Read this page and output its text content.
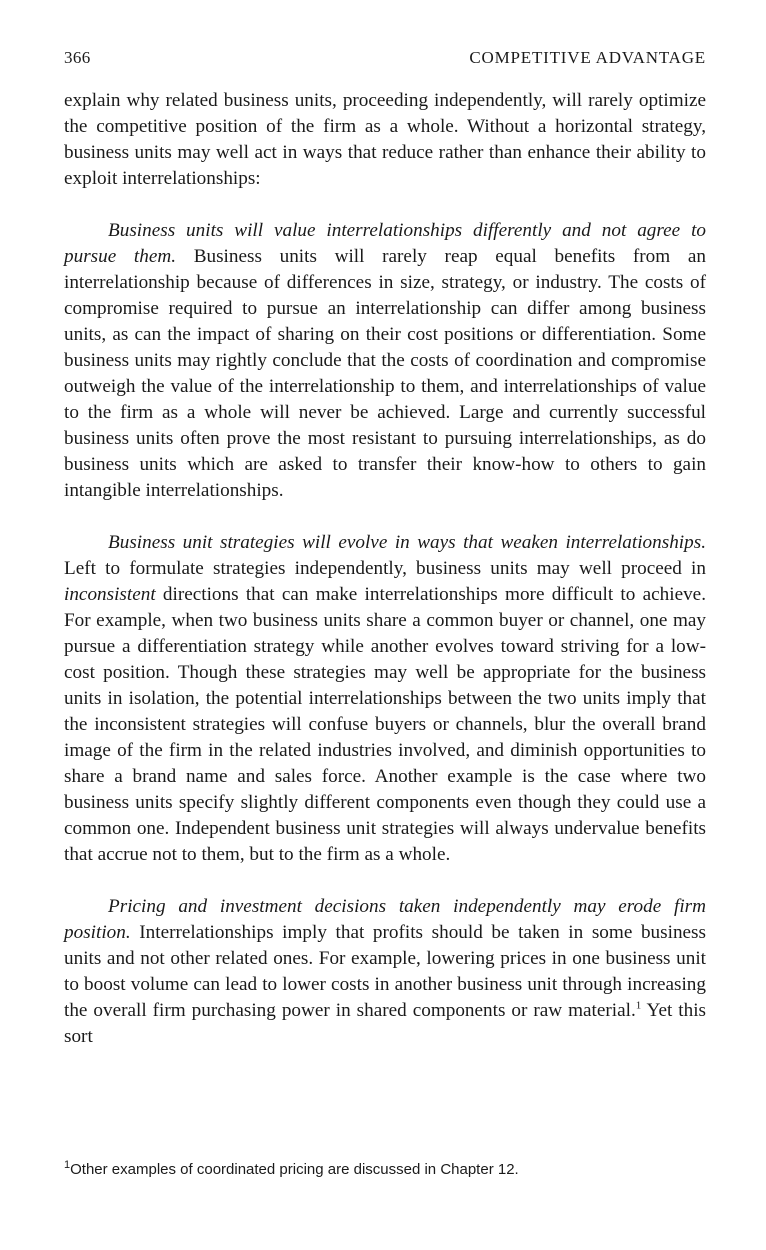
366	COMPETITIVE ADVANTAGE

explain why related business units, proceeding independently, will rarely optimize the competitive position of the firm as a whole. Without a horizontal strategy, business units may well act in ways that reduce rather than enhance their ability to exploit interrelationships:

Business units will value interrelationships differently and not agree to pursue them. Business units will rarely reap equal benefits from an interrelationship because of differences in size, strategy, or industry. The costs of compromise required to pursue an interrelationship can differ among business units, as can the impact of sharing on their cost positions or differentiation. Some business units may rightly conclude that the costs of coordination and compromise outweigh the value of the interrelationship to them, and interrelationships of value to the firm as a whole will never be achieved. Large and currently successful business units often prove the most resistant to pursuing interrelationships, as do business units which are asked to transfer their know-how to others to gain intangible interrelationships.

Business unit strategies will evolve in ways that weaken interrelationships. Left to formulate strategies independently, business units may well proceed in inconsistent directions that can make interrelationships more difficult to achieve. For example, when two business units share a common buyer or channel, one may pursue a differentiation strategy while another evolves toward striving for a low-cost position. Though these strategies may well be appropriate for the business units in isolation, the potential interrelationships between the two units imply that the inconsistent strategies will confuse buyers or channels, blur the overall brand image of the firm in the related industries involved, and diminish opportunities to share a brand name and sales force. Another example is the case where two business units specify slightly different components even though they could use a common one. Independent business unit strategies will always undervalue benefits that accrue not to them, but to the firm as a whole.

Pricing and investment decisions taken independently may erode firm position. Interrelationships imply that profits should be taken in some business units and not other related ones. For example, lowering prices in one business unit to boost volume can lead to lower costs in another business unit through increasing the overall firm purchasing power in shared components or raw material.$^1$ Yet this sort

$^1$Other examples of coordinated pricing are discussed in Chapter 12.
